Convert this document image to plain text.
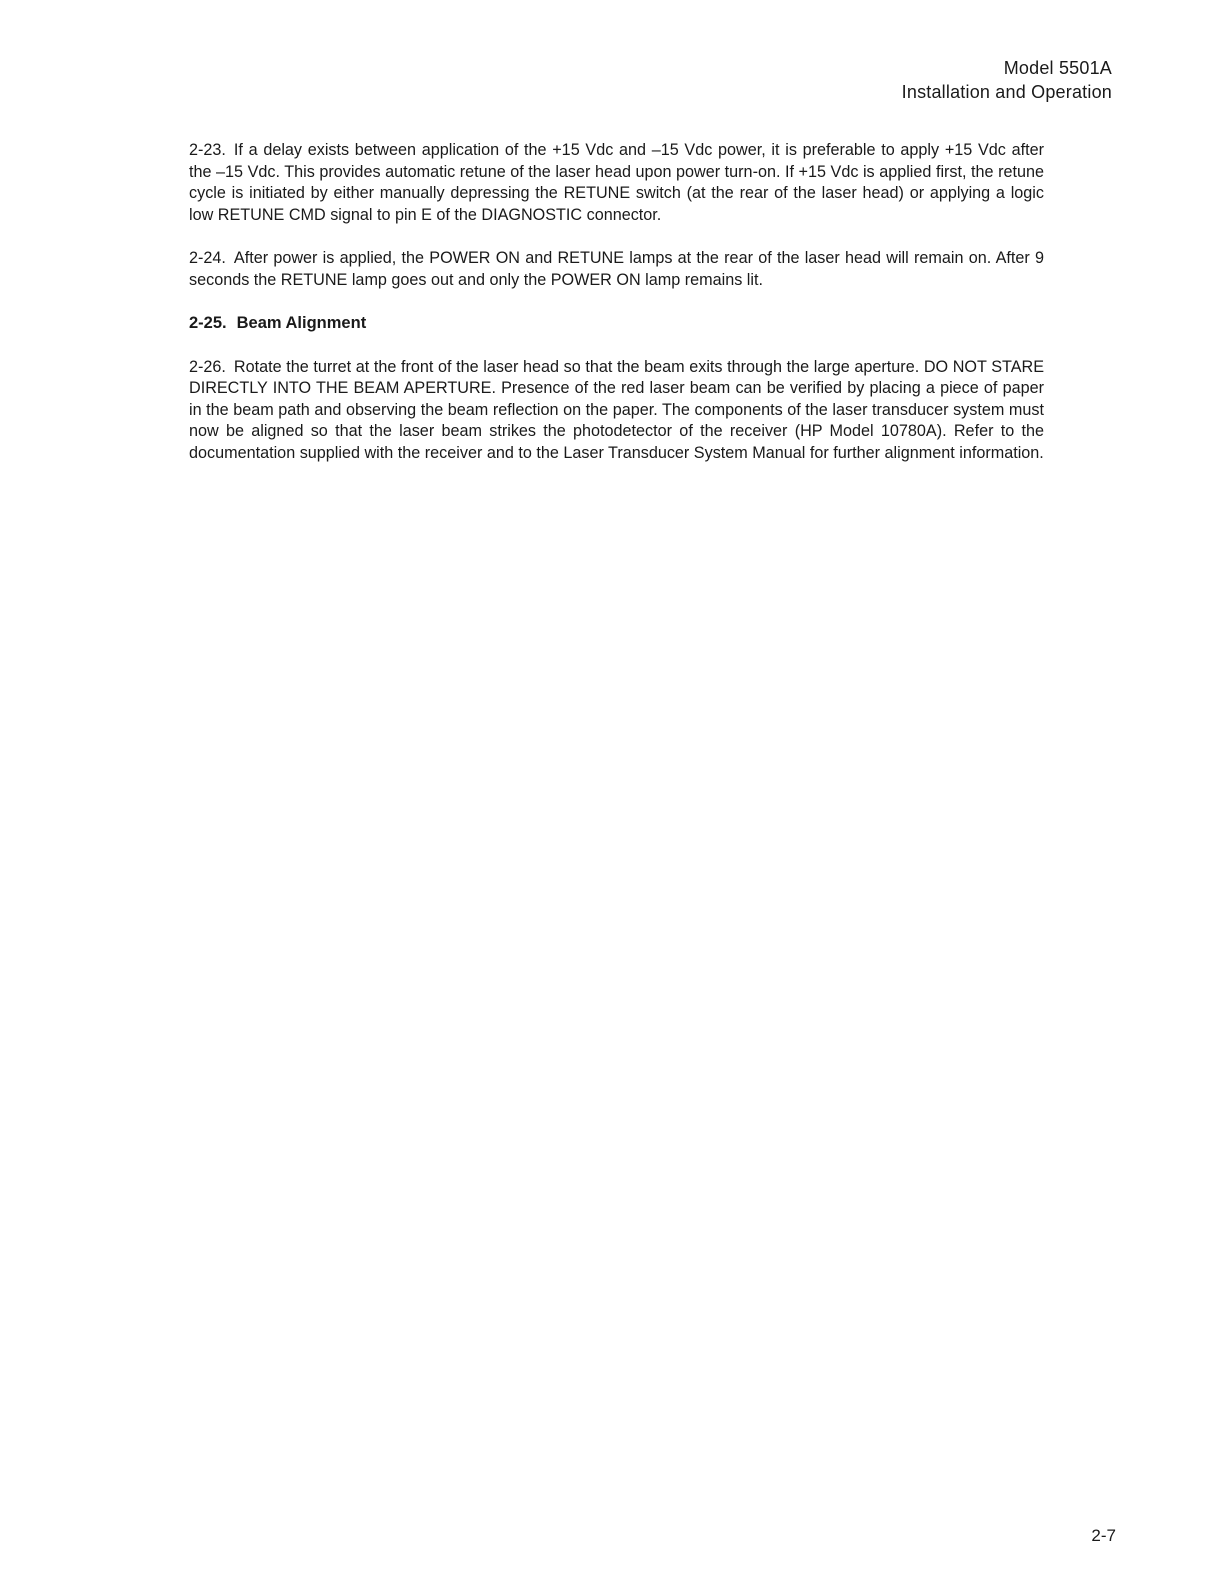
Model 5501A
Installation and Operation

2-23. If a delay exists between application of the +15 Vdc and –15 Vdc power, it is preferable to apply +15 Vdc after the –15 Vdc. This provides automatic retune of the laser head upon power turn-on. If +15 Vdc is applied first, the retune cycle is initiated by either manually depressing the RETUNE switch (at the rear of the laser head) or applying a logic low RETUNE CMD signal to pin E of the DIAGNOSTIC connector.

2-24. After power is applied, the POWER ON and RETUNE lamps at the rear of the laser head will remain on. After 9 seconds the RETUNE lamp goes out and only the POWER ON lamp remains lit.

2-25. Beam Alignment

2-26. Rotate the turret at the front of the laser head so that the beam exits through the large aperture. DO NOT STARE DIRECTLY INTO THE BEAM APERTURE. Presence of the red laser beam can be verified by placing a piece of paper in the beam path and observing the beam reflection on the paper. The components of the laser transducer system must now be aligned so that the laser beam strikes the photodetector of the receiver (HP Model 10780A). Refer to the documentation supplied with the receiver and to the Laser Transducer System Manual for further alignment information.

2-7
